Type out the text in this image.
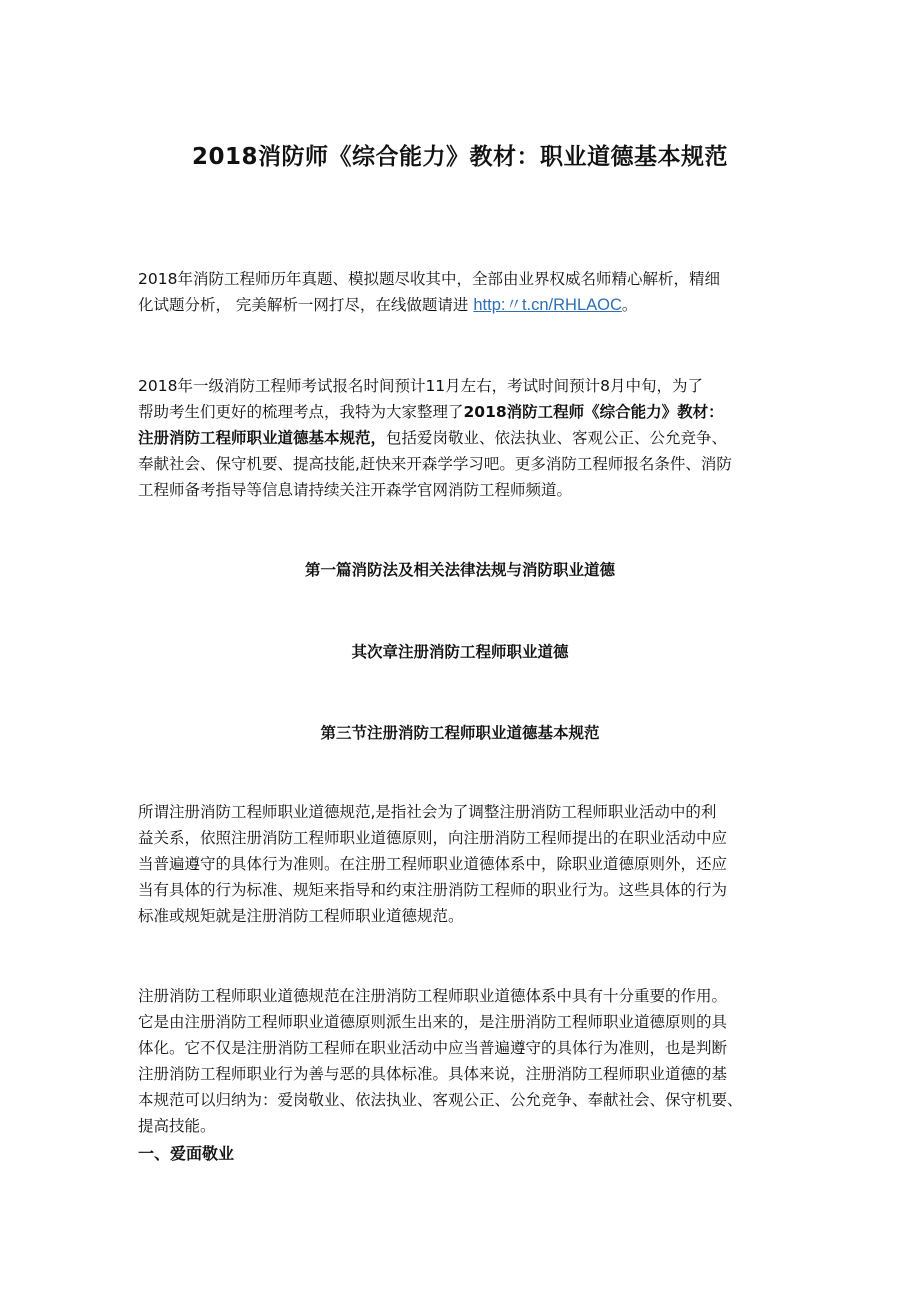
2018消防师《综合能力》教材：职业道德基本规范
2018年消防工程师历年真题、模拟题尽收其中，全部由业界权威名师精心解析，精细
化试题分析， 完美解析一网打尽，在线做题请进 http:〃t.cn/RHLAOC。
2018年一级消防工程师考试报名时间预计11月左右，考试时间预计8月中旬，为了
帮助考生们更好的梳理考点，我特为大家整理了2018消防工程师《综合能力》教材：
注册消防工程师职业道德基本规范，包括爱岗敬业、依法执业、客观公正、公允竞争、
奉献社会、保守机要、提高技能,赶快来开森学学习吧。更多消防工程师报名条件、消防
工程师备考指导等信息请持续关注开森学官网消防工程师频道。
第一篇消防法及相关法律法规与消防职业道德
其次章注册消防工程师职业道德
第三节注册消防工程师职业道德基本规范
所谓注册消防工程师职业道德规范,是指社会为了调整注册消防工程师职业活动中的利
益关系，依照注册消防工程师职业道德原则，向注册消防工程师提出的在职业活动中应
当普遍遵守的具体行为准则。在注册工程师职业道德体系中，除职业道德原则外，还应
当有具体的行为标准、规矩来指导和约束注册消防工程师的职业行为。这些具体的行为
标准或规矩就是注册消防工程师职业道德规范。
注册消防工程师职业道德规范在注册消防工程师职业道德体系中具有十分重要的作用。
它是由注册消防工程师职业道德原则派生出来的，是注册消防工程师职业道德原则的具
体化。它不仅是注册消防工程师在职业活动中应当普遍遵守的具体行为准则，也是判断
注册消防工程师职业行为善与恶的具体标准。具体来说，注册消防工程师职业道德的基
本规范可以归纳为：爱岗敬业、依法执业、客观公正、公允竞争、奉献社会、保守机要、
提高技能。
一、爱面敬业
